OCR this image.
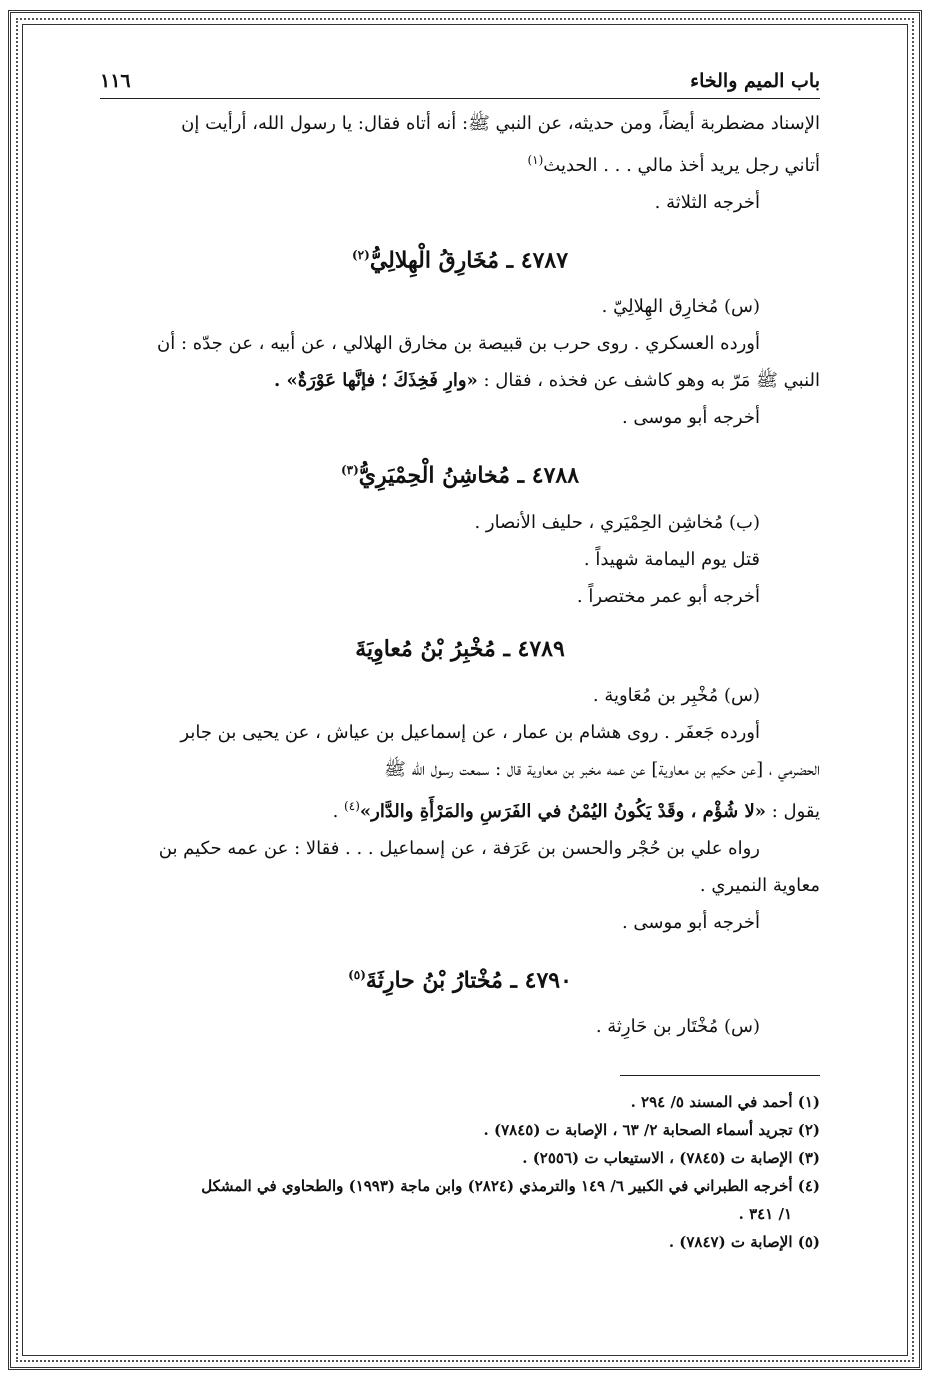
باب الميم والخاء
١١٦

الإسناد مضطربة أيضاً، ومن حديثه، عن النبي ﷺ: أنه أتاه فقال: يا رسول الله، أرأيت إن

أتاني رجل يريد أخذ مالي . . . الحديث$^{(١)}$

أخرجه الثلاثة .

٤٧٨٧ ـ مُخَارِقُ الْهِلالِيُّ$^{(٢)}$

(س) مُخارِق الهِلالِيّ .

أورده العسكري . روى حرب بن قبيصة بن مخارق الهلالي ، عن أبيه ، عن جدّه : أن

النبي ﷺ مَرّ به وهو كاشف عن فخذه ، فقال : «وارِ فَخِذَكَ ؛ فإنَّها عَوْرَةٌ» .

أخرجه أبو موسى .

٤٧٨٨ ـ مُخاشِنُ الْحِمْيَرِيُّ$^{(٣)}$

(ب) مُخاشِن الحِمْيَري ، حليف الأنصار .

قتل يوم اليمامة شهيداً .

أخرجه أبو عمر مختصراً .

٤٧٨٩ ـ مُخْبِرُ بْنُ مُعاوِيَةَ

(س) مُخْبِر بن مُعَاوية .

أورده جَعفَر . روى هشام بن عمار ، عن إسماعيل بن عياش ، عن يحيى بن جابر

الحضرمي ، [عن حكيم بن معاوية] عن عمه مخبر بن معاوية قال : سمعت رسول الله ﷺ

يقول : «لا شُؤْم ، وقَدْ يَكُونُ اليُمْنُ في الفَرَسِ والمَرْأَةِ والدَّار»$^{(٤)}$ .

رواه علي بن حُجْر والحسن بن عَرَفة ، عن إسماعيل . . . فقالا : عن عمه حكيم بن

معاوية النميري .

أخرجه أبو موسى .

٤٧٩٠ ـ مُخْتارُ بْنُ حارِثَةَ$^{(٥)}$

(س) مُخْتَار بن حَارِثة .

(١) أحمد في المسند ٥/ ٢٩٤ .

(٢) تجريد أسماء الصحابة ٢/ ٦٣ ، الإصابة ت (٧٨٤٥) .

(٣) الإصابة ت (٧٨٤٥) ، الاستيعاب ت (٢٥٥٦) .

(٤) أخرجه الطبراني في الكبير ٦/ ١٤٩ والترمذي (٢٨٢٤) وابن ماجة (١٩٩٣) والطحاوي في المشكل

١/ ٣٤١ .

(٥) الإصابة ت (٧٨٤٧) .
